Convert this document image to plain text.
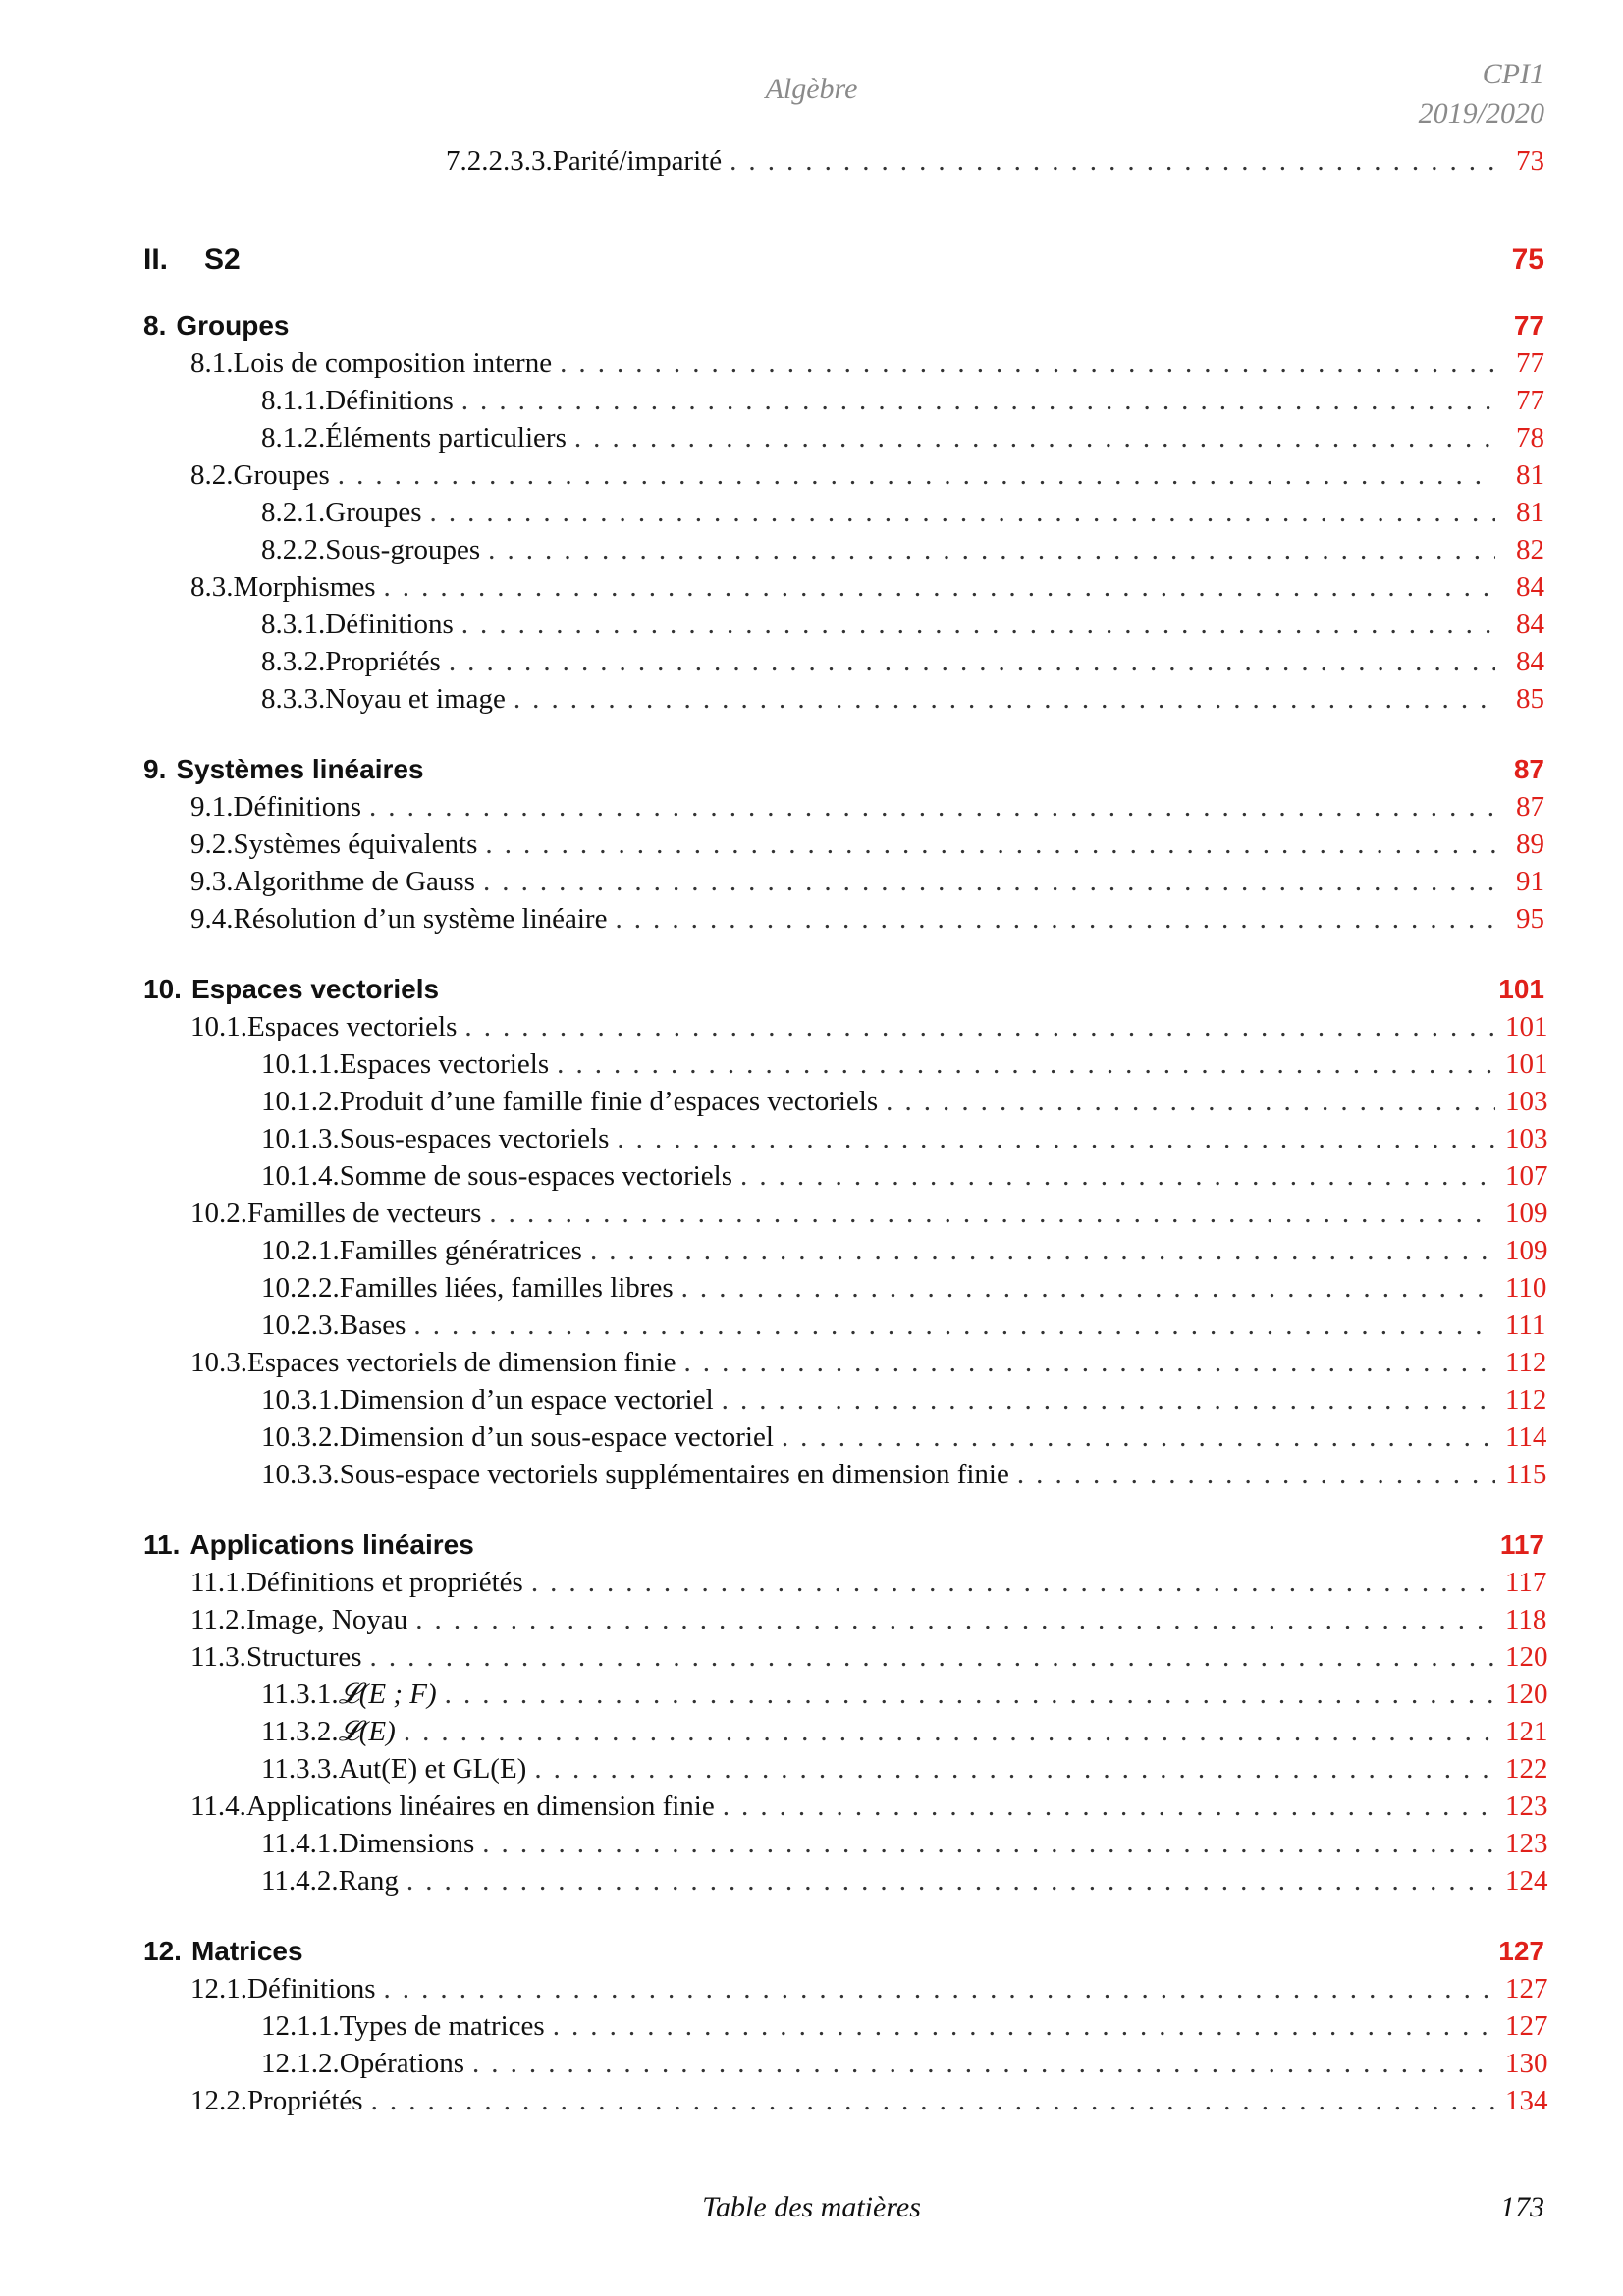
Algèbre	CPI1
2019/2020
7.2.2.3.3. Parité/imparité . . .	73
II.	S2	75
8. Groupes	77
8.1. Lois de composition interne . . .	77
8.1.1. Définitions . . .	77
8.1.2. Éléments particuliers . . .	78
8.2. Groupes . . .	81
8.2.1. Groupes . . .	81
8.2.2. Sous-groupes . . .	82
8.3. Morphismes . . .	84
8.3.1. Définitions . . .	84
8.3.2. Propriétés . . .	84
8.3.3. Noyau et image . . .	85
9. Systèmes linéaires	87
9.1. Définitions . . .	87
9.2. Systèmes équivalents . . .	89
9.3. Algorithme de Gauss . . .	91
9.4. Résolution d’un système linéaire . . .	95
10. Espaces vectoriels	101
10.1. Espaces vectoriels . . .	101
10.1.1. Espaces vectoriels . . .	101
10.1.2. Produit d’une famille finie d’espaces vectoriels . . .	103
10.1.3. Sous-espaces vectoriels . . .	103
10.1.4. Somme de sous-espaces vectoriels . . .	107
10.2. Familles de vecteurs . . .	109
10.2.1. Familles génératrices . . .	109
10.2.2. Familles liées, familles libres . . .	110
10.2.3. Bases . . .	111
10.3. Espaces vectoriels de dimension finie . . .	112
10.3.1. Dimension d’un espace vectoriel . . .	112
10.3.2. Dimension d’un sous-espace vectoriel . . .	114
10.3.3. Sous-espace vectoriels supplémentaires en dimension finie . . .	115
11. Applications linéaires	117
11.1. Définitions et propriétés . . .	117
11.2. Image, Noyau . . .	118
11.3. Structures . . .	120
11.3.1. 𝓛(E ; F) . . .	120
11.3.2. 𝓛(E) . . .	121
11.3.3. Aut(E) et GL(E) . . .	122
11.4. Applications linéaires en dimension finie . . .	123
11.4.1. Dimensions . . .	123
11.4.2. Rang . . .	124
12. Matrices	127
12.1. Définitions . . .	127
12.1.1. Types de matrices . . .	127
12.1.2. Opérations . . .	130
12.2. Propriétés . . .	134
Table des matières	173
